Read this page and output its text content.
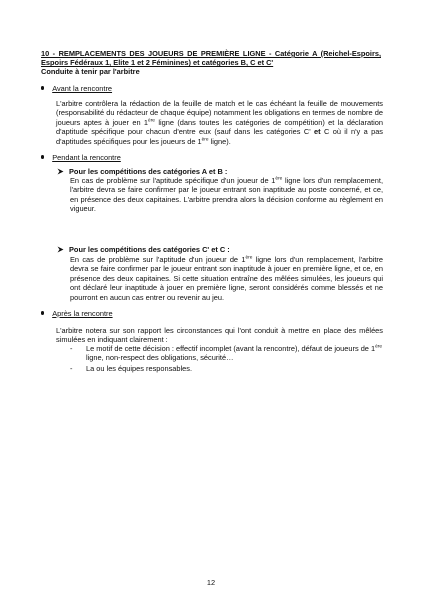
10 - REMPLACEMENTS DES JOUEURS DE PREMIÈRE LIGNE - Catégorie A (Reichel-Espoirs, Espoirs Fédéraux 1, Elite 1 et 2 Féminines) et catégories B, C et C'
Conduite à tenir par l'arbitre
Avant la rencontre
L'arbitre contrôlera la rédaction de la feuille de match et le cas échéant la feuille de mouvements (responsabilité du rédacteur de chaque équipe) notamment les obligations en termes de nombre de joueurs aptes à jouer en 1ère ligne (dans toutes les catégories de compétition) et la déclaration d'aptitude spécifique pour chacun d'entre eux (sauf dans les catégories C' et C où il n'y a pas d'aptitudes spécifiques pour les joueurs de 1ère ligne).
Pendant la rencontre
Pour les compétitions des catégories A et B :
En cas de problème sur l'aptitude spécifique d'un joueur de 1ère ligne lors d'un remplacement, l'arbitre devra se faire confirmer par le joueur entrant son inaptitude au poste concerné, et ce, en présence des deux capitaines. L'arbitre prendra alors la décision conforme au règlement en vigueur.
Pour les compétitions des catégories C' et C :
En cas de problème sur l'aptitude d'un joueur de 1ère ligne lors d'un remplacement, l'arbitre devra se faire confirmer par le joueur entrant son inaptitude à jouer en première ligne, et ce, en présence des deux capitaines. Si cette situation entraîne des mêlées simulées, les joueurs qui ont déclaré leur inaptitude à jouer en première ligne, seront considérés comme blessés et ne pourront en aucun cas entrer ou revenir au jeu.
Après la rencontre
L'arbitre notera sur son rapport les circonstances qui l'ont conduit à mettre en place des mêlées simulées en indiquant clairement :
- Le motif de cette décision : effectif incomplet (avant la rencontre), défaut de joueurs de 1ère ligne, non-respect des obligations, sécurité…
- La ou les équipes responsables.
12
